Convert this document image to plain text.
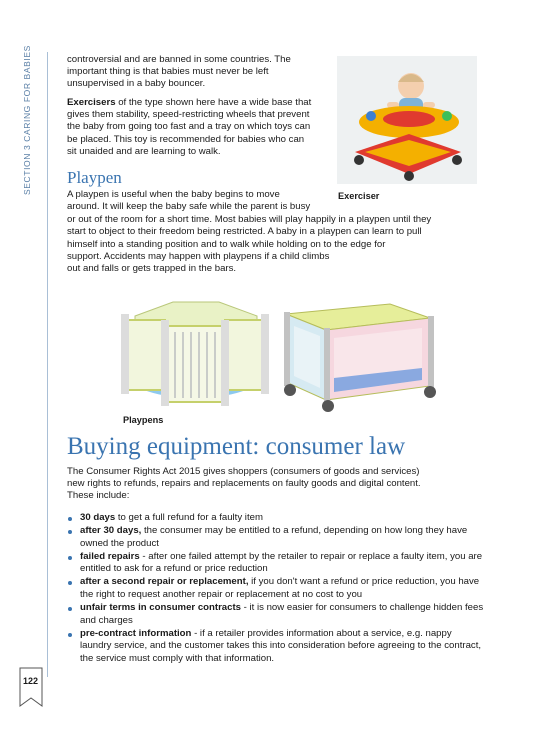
SECTION 3 CARING FOR BABIES	controversial and are banned in some countries. The

important thing is that babies must never be left

unsupervised in a baby bouncer.

Exercisers of the type shown here have a wide base that

gives them stability, speed-restricting wheels that prevent

the baby from going too fast and a tray on which toys can

be placed. This toy is recommended for babies who can

sit unaided and are learning to walk.

Exerciser
Playpen

A playpen is useful when the baby begins to move

around. It will keep the baby safe while the parent is busy

or out of the room for a short time. Most babies will play happily in a playpen until they

start to object to their freedom being restricted. A baby in a playpen can learn to pull

himself into a standing position and to walk while holding on to the edge for

support. Accidents may happen with playpens if a child climbs

out and falls or gets trapped in the bars.

Playpens
Buying equipment: consumer law

The Consumer Rights Act 2015 gives shoppers (consumers of goods and services)

new rights to refunds, repairs and replacements on faulty goods and digital content.

These include:

30 days to get a full refund for a faulty item
after 30 days, the consumer may be entitled to a refund, depending on how long they have owned the product
failed repairs - after one failed attempt by the retailer to repair or replace a faulty item, you are entitled to ask for a refund or price reduction
after a second repair or replacement, if you don't want a refund or price reduction, you have the right to request another repair or replacement at no cost to you
unfair terms in consumer contracts - it is now easier for consumers to challenge hidden fees and charges
pre-contract information - if a retailer provides information about a service, e.g. nappy laundry service, and the customer takes this into consideration before agreeing to the contract, the service must comply with that information.
122
